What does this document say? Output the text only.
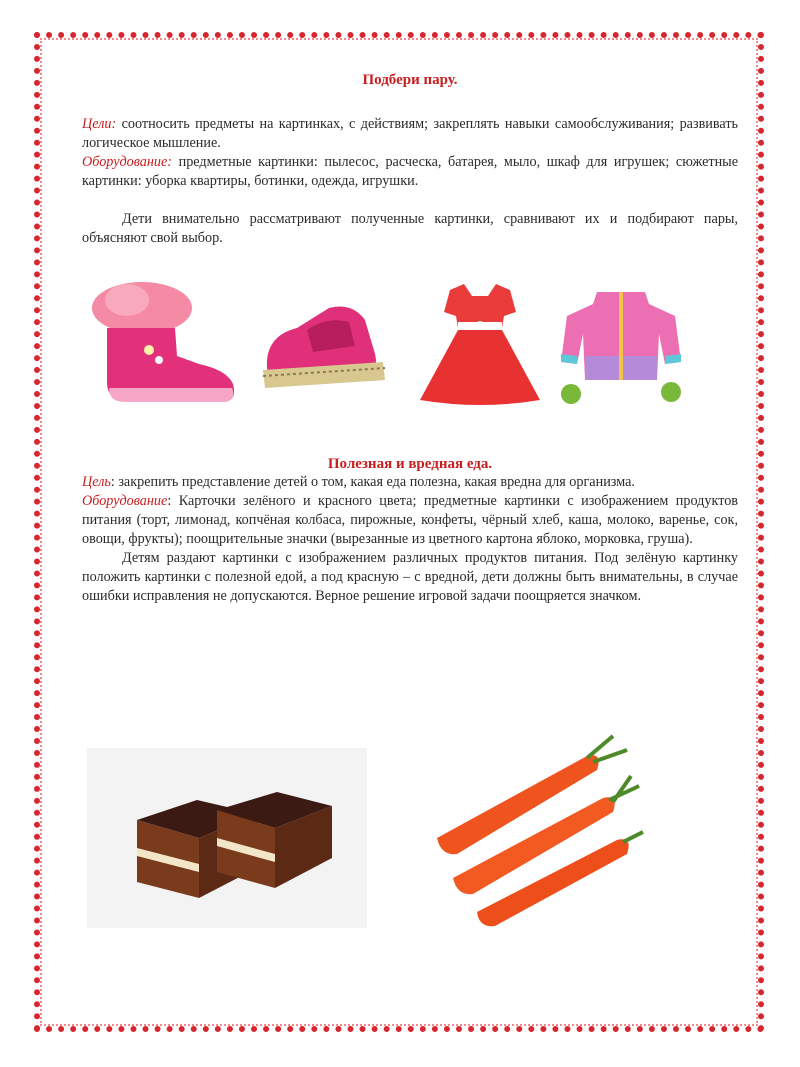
Подбери пару.

Цели: соотносить предметы на картинках, с действиям; закреплять навыки самообслуживания; развивать логическое мышление.

Оборудование: предметные картинки: пылесос, расческа, батарея, мыло, шкаф для игрушек; сюжетные картинки: уборка квартиры, ботинки, одежда, игрушки.

Дети внимательно рассматривают полученные картинки, сравнивают их и подбирают пары, объясняют свой выбор.

Полезная и вредная еда.

Цель: закрепить представление детей о том, какая еда полезна, какая вредна для организма.

Оборудование: Карточки зелёного и красного цвета; предметные картинки с изображением продуктов питания (торт, лимонад, копчёная колбаса, пирожные, конфеты, чёрный хлеб, каша, молоко, варенье, сок, овощи, фрукты); поощрительные значки (вырезанные из цветного картона яблоко, морковка, груша).

Детям раздают картинки с изображением различных продуктов питания. Под зелёную картинку положить картинки с полезной едой, а под красную – с вредной, дети должны быть внимательны, в случае ошибки исправления не допускаются. Верное решение игровой задачи поощряется значком.
